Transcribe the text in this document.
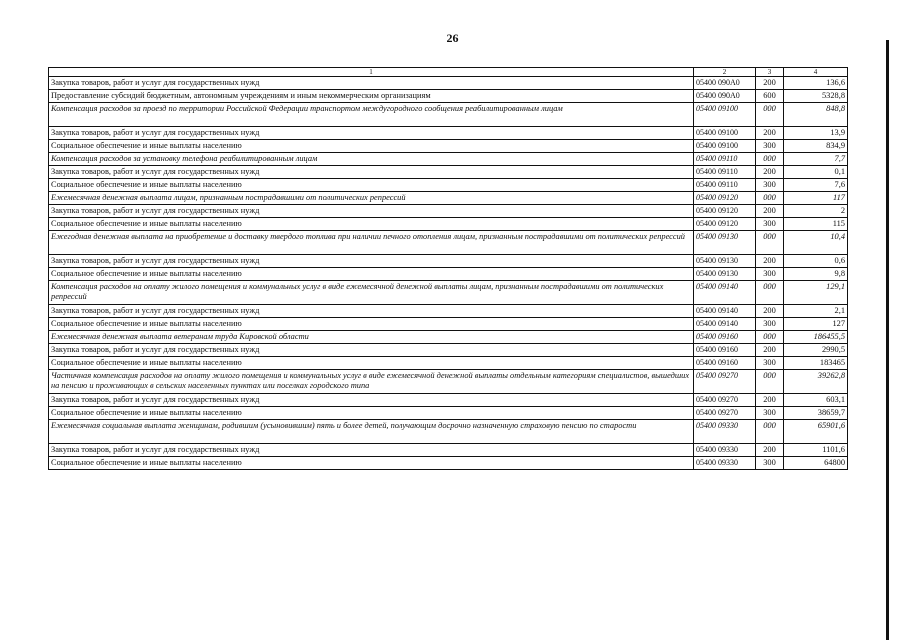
26
1	2	3	4
Закупка товаров, работ и услуг для государственных нужд	05400 090А0	200	136,6
Предоставление субсидий бюджетным, автономным учреждениям и иным некоммерческим организациям	05400 090А0	600	5328,8
Компенсация расходов за проезд по территории Российской Федерации транспортом междугородного сообщения реабилитированным лицам	05400 09100	000	848,8
Закупка товаров, работ и услуг для государственных нужд	05400 09100	200	13,9
Социальное обеспечение и иные выплаты населению	05400 09100	300	834,9
Компенсация расходов за установку телефона реабилитированным лицам	05400 09110	000	7,7
Закупка товаров, работ и услуг для государственных нужд	05400 09110	200	0,1
Социальное обеспечение и иные выплаты населению	05400 09110	300	7,6
Ежемесячная денежная выплата лицам, признанным пострадавшими от политических репрессий	05400 09120	000	117
Закупка товаров, работ и услуг для государственных нужд	05400 09120	200	2
Социальное обеспечение и иные выплаты населению	05400 09120	300	115
Ежегодная денежная выплата на приобретение и доставку твердого топлива при наличии печного отопления лицам, признанным пострадавшими от политических репрессий	05400 09130	000	10,4
Закупка товаров, работ и услуг для государственных нужд	05400 09130	200	0,6
Социальное обеспечение и иные выплаты населению	05400 09130	300	9,8
Компенсация расходов на оплату жилого помещения и коммунальных услуг в виде ежемесячной денежной выплаты лицам, признанным пострадавшими от политических репрессий	05400 09140	000	129,1
Закупка товаров, работ и услуг для государственных нужд	05400 09140	200	2,1
Социальное обеспечение и иные выплаты населению	05400 09140	300	127
Ежемесячная денежная выплата ветеранам труда Кировской области	05400 09160	000	186455,5
Закупка товаров, работ и услуг для государственных нужд	05400 09160	200	2990,5
Социальное обеспечение и иные выплаты населению	05400 09160	300	183465
Частичная компенсация расходов на оплату жилого помещения и коммунальных услуг в виде ежемесячной денежной выплаты отдельным категориям специалистов, вышедших на пенсию и проживающих в сельских населенных пунктах или поселках городского типа	05400 09270	000	39262,8
Закупка товаров, работ и услуг для государственных нужд	05400 09270	200	603,1
Социальное обеспечение и иные выплаты населению	05400 09270	300	38659,7
Ежемесячная социальная выплата женщинам, родившим (усыновившим) пять и более детей, получающим досрочно назначенную страховую пенсию по старости	05400 09330	000	65901,6
Закупка товаров, работ и услуг для государственных нужд	05400 09330	200	1101,6
Социальное обеспечение и иные выплаты населению	05400 09330	300	64800
